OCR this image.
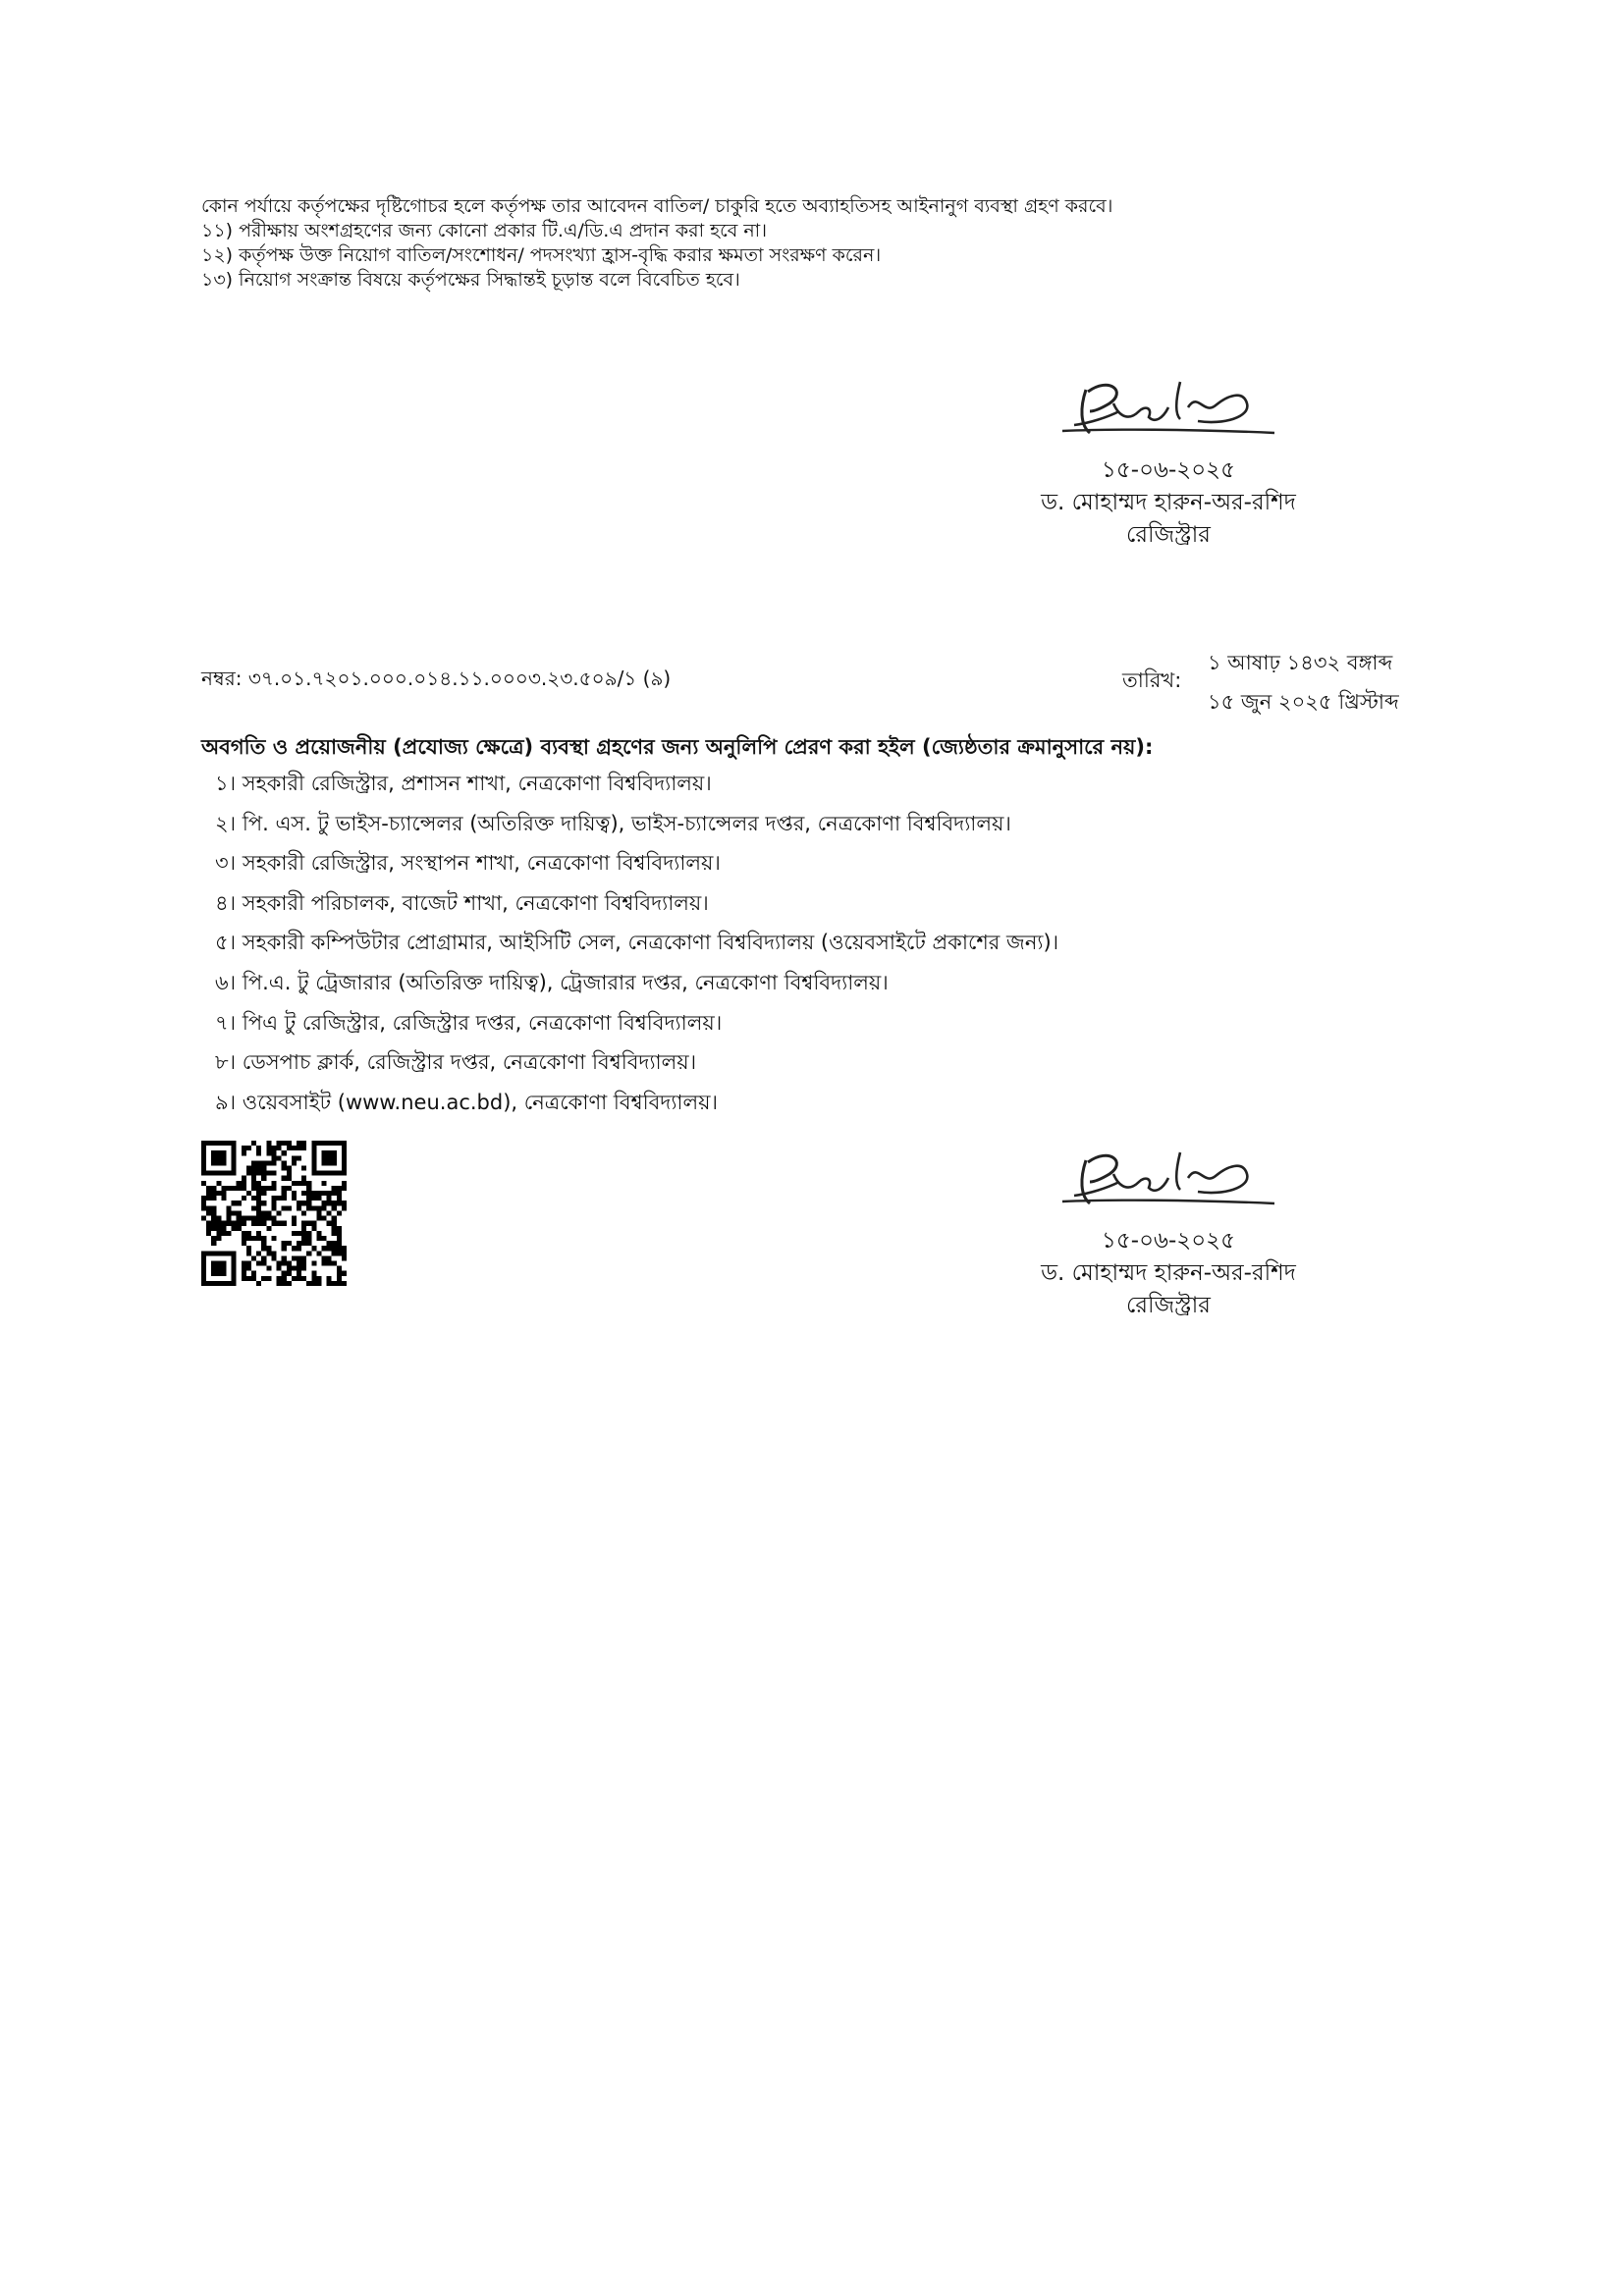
কোন পর্যায়ে কর্তৃপক্ষের দৃষ্টিগোচর হলে কর্তৃপক্ষ তার আবেদন বাতিল/ চাকুরি হতে অব্যাহতিসহ আইনানুগ ব্যবস্থা গ্রহণ করবে।
১১) পরীক্ষায় অংশগ্রহণের জন্য কোনো প্রকার টি.এ/ডি.এ প্রদান করা হবে না।
১২) কর্তৃপক্ষ উক্ত নিয়োগ বাতিল/সংশোধন/ পদসংখ্যা হ্রাস-বৃদ্ধি করার ক্ষমতা সংরক্ষণ করেন।
১৩) নিয়োগ সংক্রান্ত বিষয়ে কর্তৃপক্ষের সিদ্ধান্তই চূড়ান্ত বলে বিবেচিত হবে।
১৫-০৬-২০২৫
ড. মোহাম্মদ হারুন-অর-রশিদ
রেজিস্ট্রার
নম্বর: ৩৭.০১.৭২০১.০০০.০১৪.১১.০০০৩.২৩.৫০৯/১ (৯)	তারিখ:
১ আষাঢ় ১৪৩২ বঙ্গাব্দ
১৫ জুন ২০২৫ খ্রিস্টাব্দ
অবগতি ও প্রয়োজনীয় (প্রযোজ্য ক্ষেত্রে) ব্যবস্থা গ্রহণের জন্য অনুলিপি প্রেরণ করা হইল (জ্যেষ্ঠতার ক্রমানুসারে নয়):
১। সহকারী রেজিস্ট্রার, প্রশাসন শাখা, নেত্রকোণা বিশ্ববিদ্যালয়।
২। পি. এস. টু ভাইস-চ্যান্সেলর (অতিরিক্ত দায়িত্ব), ভাইস-চ্যান্সেলর দপ্তর, নেত্রকোণা বিশ্ববিদ্যালয়।
৩। সহকারী রেজিস্ট্রার, সংস্থাপন শাখা, নেত্রকোণা বিশ্ববিদ্যালয়।
৪। সহকারী পরিচালক, বাজেট শাখা, নেত্রকোণা বিশ্ববিদ্যালয়।
৫। সহকারী কম্পিউটার প্রোগ্রামার, আইসিটি সেল, নেত্রকোণা বিশ্ববিদ্যালয় (ওয়েবসাইটে প্রকাশের জন্য)।
৬। পি.এ. টু ট্রেজারার (অতিরিক্ত দায়িত্ব), ট্রেজারার দপ্তর, নেত্রকোণা বিশ্ববিদ্যালয়।
৭। পিএ টু রেজিস্ট্রার, রেজিস্ট্রার দপ্তর, নেত্রকোণা বিশ্ববিদ্যালয়।
৮। ডেসপাচ ক্লার্ক, রেজিস্ট্রার দপ্তর, নেত্রকোণা বিশ্ববিদ্যালয়।
৯। ওয়েবসাইট (www.neu.ac.bd), নেত্রকোণা বিশ্ববিদ্যালয়।
১৫-০৬-২০২৫
ড. মোহাম্মদ হারুন-অর-রশিদ
রেজিস্ট্রার
